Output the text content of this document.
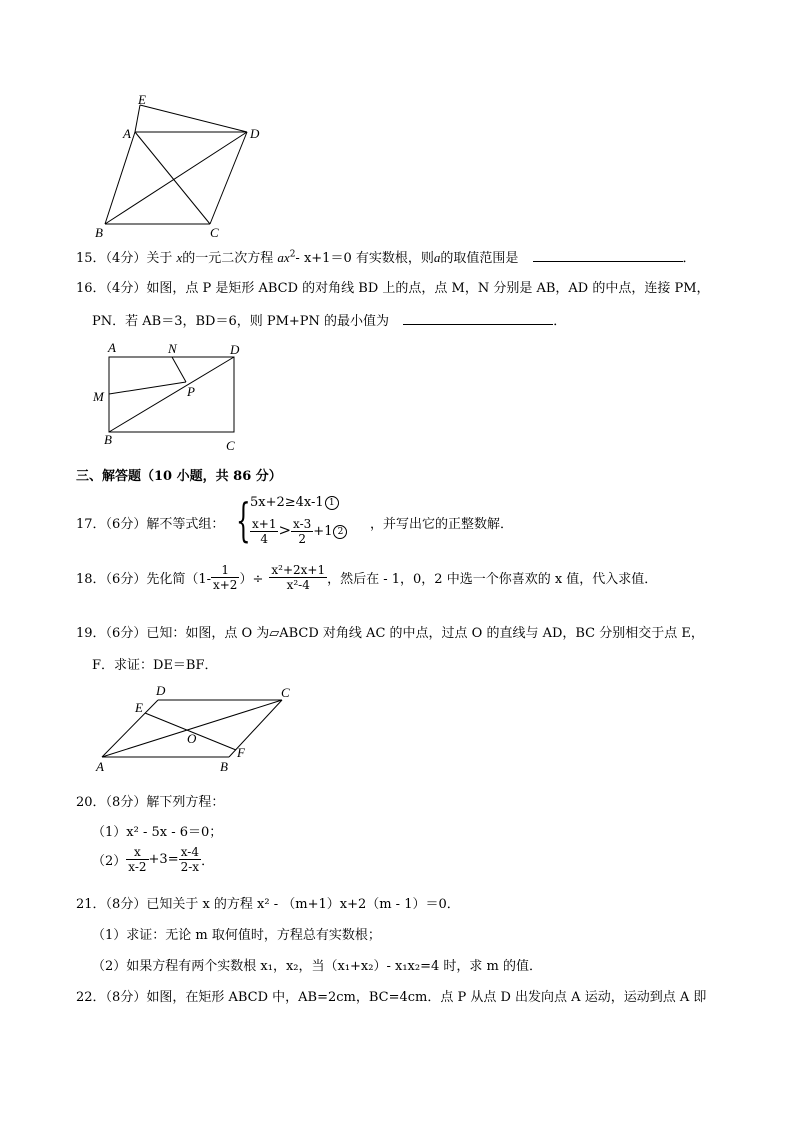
E
A	D
B	C
15．（4分）关于 x的一元二次方程 $ax^2-$ x+1＝0 有实数根，则a的取值范围是	．
16．（4分）如图，点 P 是矩形 ABCD 的对角线 BD 上的点，点 M，N 分别是 AB，AD 的中点，连接 PM，
PN．若 AB＝3，BD＝6，则 PM+PN 的最小值为	．
A	N	D
M	P
B	C
三、解答题（10 小题，共 86 分）
17．（6分）解不等式组： { 5x+2≥4x-1 1
$\frac{x+1}{4} > \frac{x-3}{2} +1$ 2	，并写出它的正整数解．
18．（6分）先化简（$1- \frac{1}{x+2}$ ）÷ $\frac{\text{x²+2x+1}}{\text{x²-4}}$ ，然后在 - 1，0，2 中选一个你喜欢的 x 值，代入求值．
19．（6分）已知：如图，点 O 为▱ABCD 对角线 AC 的中点，过点 O 的直线与 AD，BC 分别相交于点 E，
F．求证：DE＝BF．
D	C
E
O
F
A	B
20．（8分）解下列方程：
（1）x² - 5x - 6＝0；
$(2) \frac{x}{x-2} +3= \frac{x-4}{2-x}$ ．
21．（8分）已知关于 x 的方程 x² - （m+1）x+2（m - 1）＝0．
（1）求证：无论 m 取何值时，方程总有实数根；
（2）如果方程有两个实数根 x₁，x₂，当（x₁+x₂）- x₁x₂=4 时，求 m 的值．
22．（8分）如图，在矩形 ABCD 中，AB=2cm，BC=4cm．点 P 从点 D 出发向点 A 运动，运动到点 A 即
